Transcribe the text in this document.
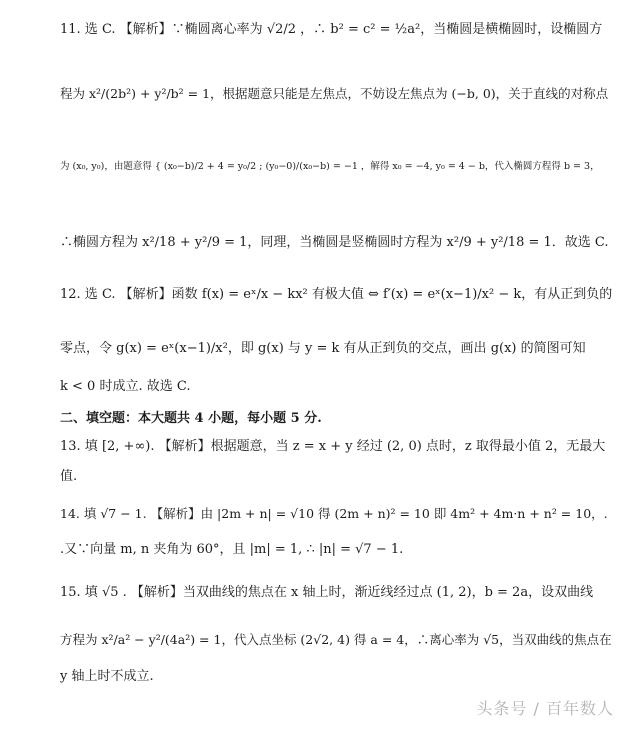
11. 选 C. 【解析】∵椭圆离心率为 √2/2 ，∴ b² = c² = ½a²，当椭圆是横椭圆时，设椭圆方
程为 x²/(2b²) + y²/b² = 1，根据题意只能是左焦点，不妨设左焦点为 (−b, 0)，关于直线的对称点
为 (x₀, y₀)，由题意得 { (x₀−b)/2 + 4 = y₀/2 ; (y₀−0)/(x₀−b) = −1 ，解得 x₀ = −4, y₀ = 4 − b，代入椭圆方程得 b = 3，
∴椭圆方程为 x²/18 + y²/9 = 1，同理，当椭圆是竖椭圆时方程为 x²/9 + y²/18 = 1．故选 C.
12. 选 C. 【解析】函数 f(x) = eˣ/x − kx² 有极大值 ⇔ f′(x) = eˣ(x−1)/x² − k，有从正到负的
零点，令 g(x) = eˣ(x−1)/x²，即 g(x) 与 y = k 有从正到负的交点，画出 g(x) 的简图可知
k < 0 时成立. 故选 C.
二、填空题：本大题共 4 小题，每小题 5 分.
13. 填 [2, +∞). 【解析】根据题意，当 z = x + y 经过 (2, 0) 点时，z 取得最小值 2，无最大
值.
14. 填 √7 − 1. 【解析】由 |2m + n| = √10 得 (2m + n)² = 10 即 4m² + 4m·n + n² = 10，.
.又∵向量 m, n 夹角为 60°，且 |m| = 1, ∴ |n| = √7 − 1.
15. 填 √5 . 【解析】当双曲线的焦点在 x 轴上时，渐近线经过点 (1, 2)，b = 2a，设双曲线
方程为 x²/a² − y²/(4a²) = 1，代入点坐标 (2√2, 4) 得 a = 4，∴离心率为 √5，当双曲线的焦点在
y 轴上时不成立.
头条号 / 百年数人
